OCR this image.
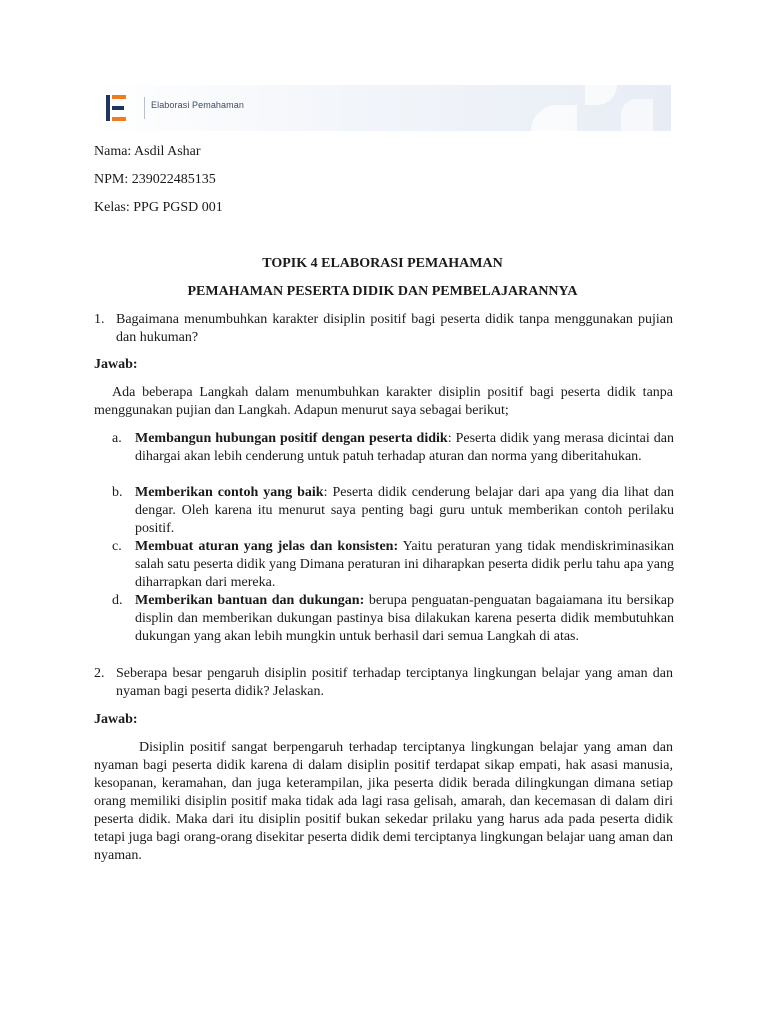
Elaborasi Pemahaman
Nama: Asdil Ashar
NPM: 239022485135
Kelas: PPG PGSD 001
TOPIK 4 ELABORASI PEMAHAMAN
PEMAHAMAN PESERTA DIDIK DAN PEMBELAJARANNYA
1. Bagaimana menumbuhkan karakter disiplin positif bagi peserta didik tanpa menggunakan pujian dan hukuman?
Jawab:
Ada beberapa Langkah dalam menumbuhkan karakter disiplin positif bagi peserta didik tanpa menggunakan pujian dan Langkah. Adapun menurut saya sebagai berikut;
a. Membangun hubungan positif dengan peserta didik: Peserta didik yang merasa dicintai dan dihargai akan lebih cenderung untuk patuh terhadap aturan dan norma yang diberitahukan.
b. Memberikan contoh yang baik: Peserta didik cenderung belajar dari apa yang dia lihat dan dengar. Oleh karena itu menurut saya penting bagi guru untuk memberikan contoh perilaku positif.
c. Membuat aturan yang jelas dan konsisten: Yaitu peraturan yang tidak mendiskriminasikan salah satu peserta didik yang Dimana peraturan ini diharapkan peserta didik perlu tahu apa yang diharrapkan dari mereka.
d. Memberikan bantuan dan dukungan: berupa penguatan-penguatan bagaiamana itu bersikap displin dan memberikan dukungan pastinya bisa dilakukan karena peserta didik membutuhkan dukungan yang akan lebih mungkin untuk berhasil dari semua Langkah di atas.
2. Seberapa besar pengaruh disiplin positif terhadap terciptanya lingkungan belajar yang aman dan nyaman bagi peserta didik? Jelaskan.
Jawab:
Disiplin positif sangat berpengaruh terhadap terciptanya lingkungan belajar yang aman dan nyaman bagi peserta didik karena di dalam disiplin positif terdapat sikap empati, hak asasi manusia, kesopanan, keramahan, dan juga keterampilan, jika peserta didik berada dilingkungan dimana setiap orang memiliki disiplin positif maka tidak ada lagi rasa gelisah, amarah, dan kecemasan di dalam diri peserta didik. Maka dari itu disiplin positif bukan sekedar prilaku yang harus ada pada peserta didik tetapi juga bagi orang-orang disekitar peserta didik demi terciptanya lingkungan belajar uang aman dan nyaman.
